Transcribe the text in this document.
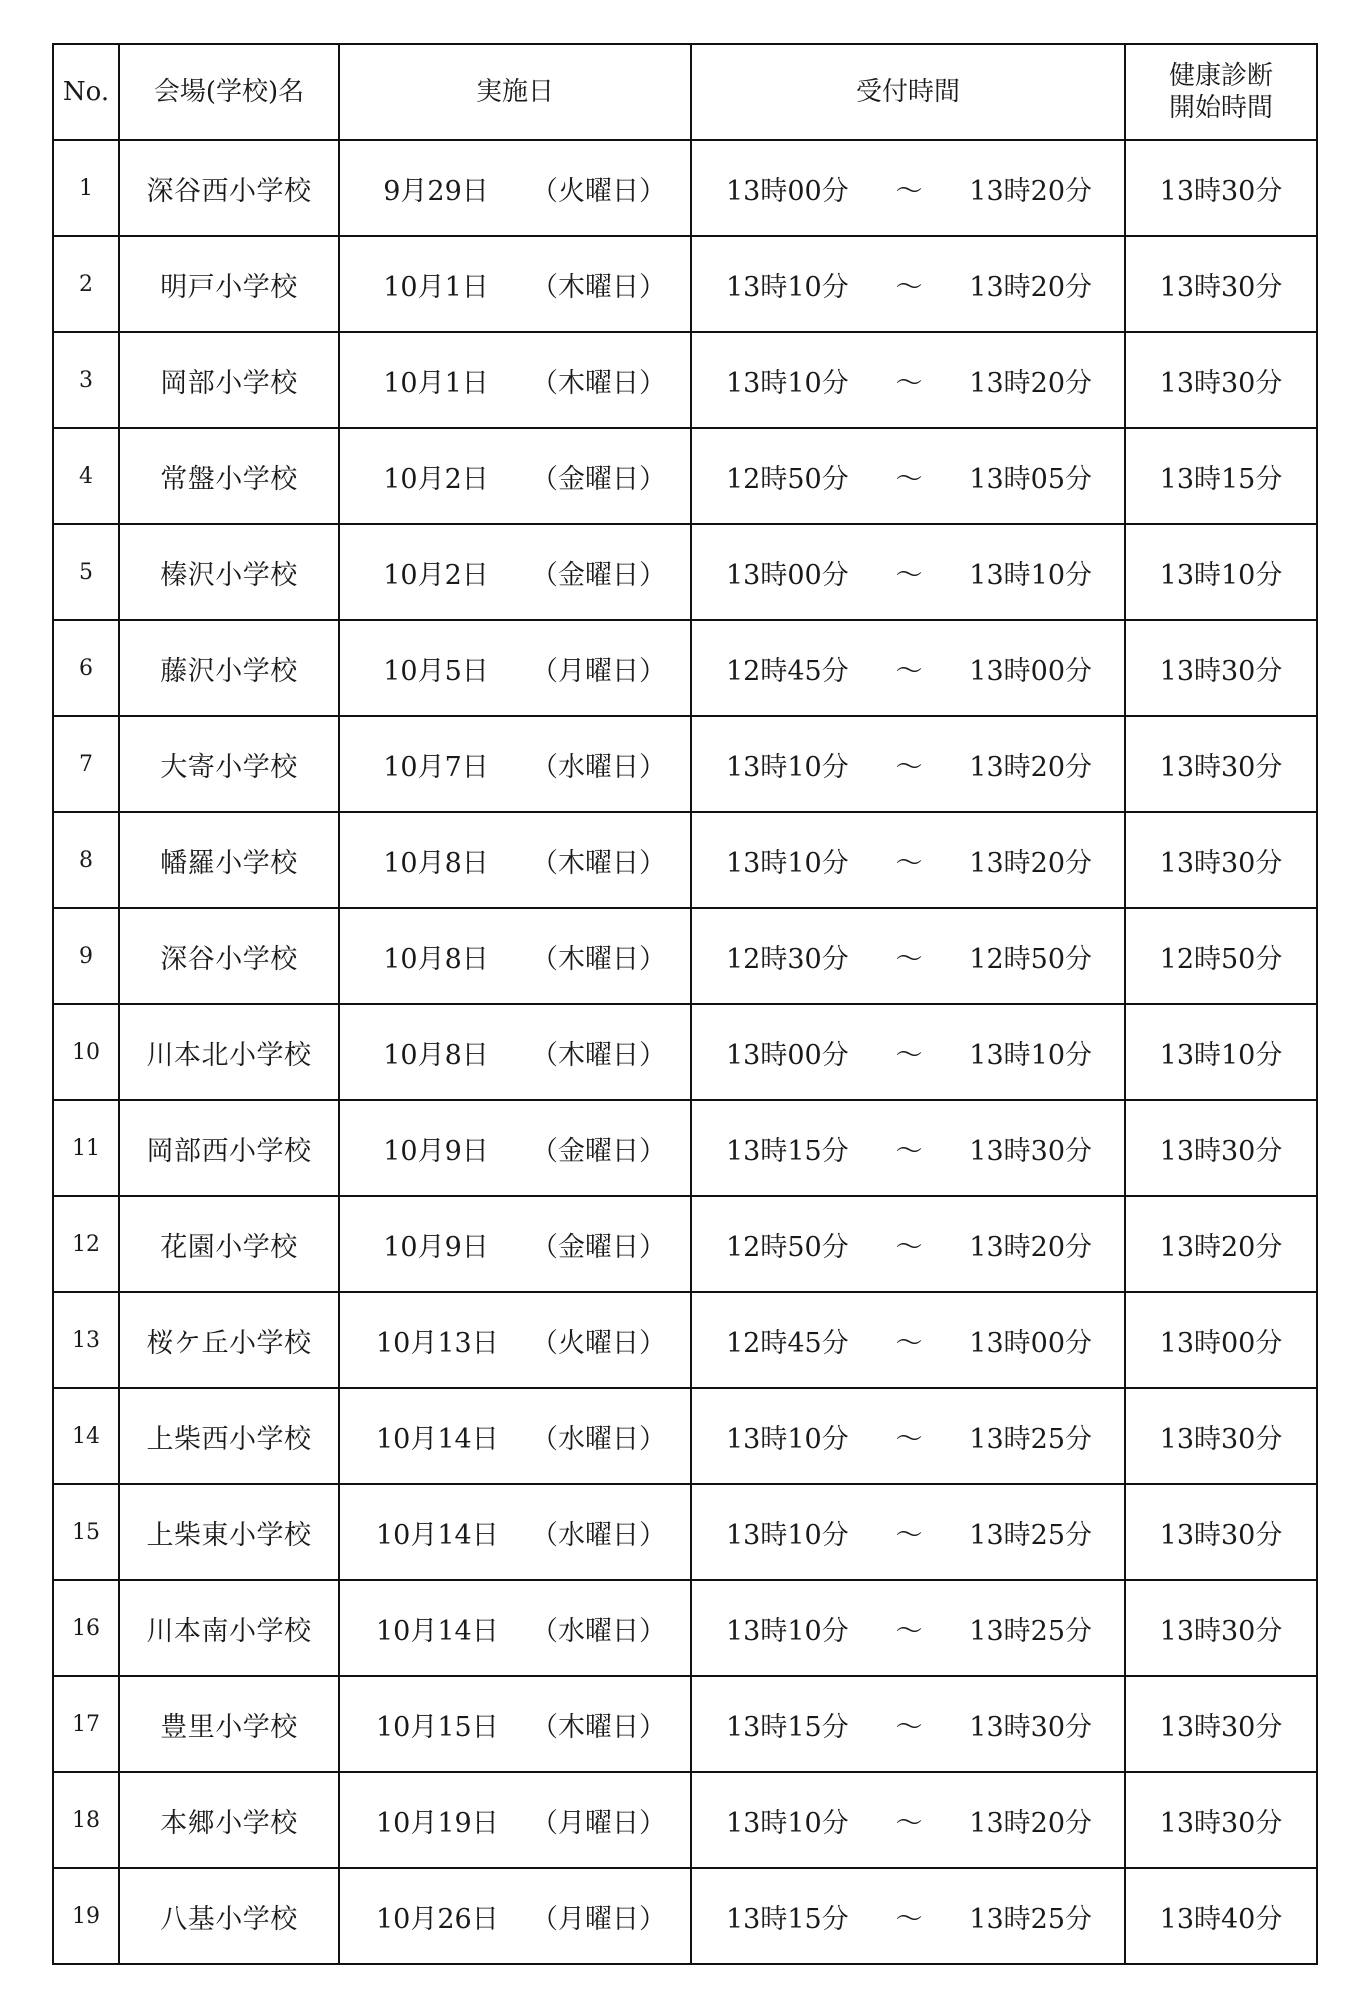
No.	会場(学校)名	実施日	受付時間	健康診断
開始時間

1	深谷西小学校	9月29日 （火曜日）	13時00分 ～ 13時20分	13時30分
2	明戸小学校	10月1日 （木曜日）	13時10分 ～ 13時20分	13時30分
3	岡部小学校	10月1日 （木曜日）	13時10分 ～ 13時20分	13時30分
4	常盤小学校	10月2日 （金曜日）	12時50分 ～ 13時05分	13時15分
5	榛沢小学校	10月2日 （金曜日）	13時00分 ～ 13時10分	13時10分
6	藤沢小学校	10月5日 （月曜日）	12時45分 ～ 13時00分	13時30分
7	大寄小学校	10月7日 （水曜日）	13時10分 ～ 13時20分	13時30分
8	幡羅小学校	10月8日 （木曜日）	13時10分 ～ 13時20分	13時30分
9	深谷小学校	10月8日 （木曜日）	12時30分 ～ 12時50分	12時50分
10	川本北小学校	10月8日 （木曜日）	13時00分 ～ 13時10分	13時10分
11	岡部西小学校	10月9日 （金曜日）	13時15分 ～ 13時30分	13時30分
12	花園小学校	10月9日 （金曜日）	12時50分 ～ 13時20分	13時20分
13	桜ケ丘小学校	10月13日 （火曜日）	12時45分 ～ 13時00分	13時00分
14	上柴西小学校	10月14日 （水曜日）	13時10分 ～ 13時25分	13時30分
15	上柴東小学校	10月14日 （水曜日）	13時10分 ～ 13時25分	13時30分
16	川本南小学校	10月14日 （水曜日）	13時10分 ～ 13時25分	13時30分
17	豊里小学校	10月15日 （木曜日）	13時15分 ～ 13時30分	13時30分
18	本郷小学校	10月19日 （月曜日）	13時10分 ～ 13時20分	13時30分
19	八基小学校	10月26日 （月曜日）	13時15分 ～ 13時25分	13時40分
